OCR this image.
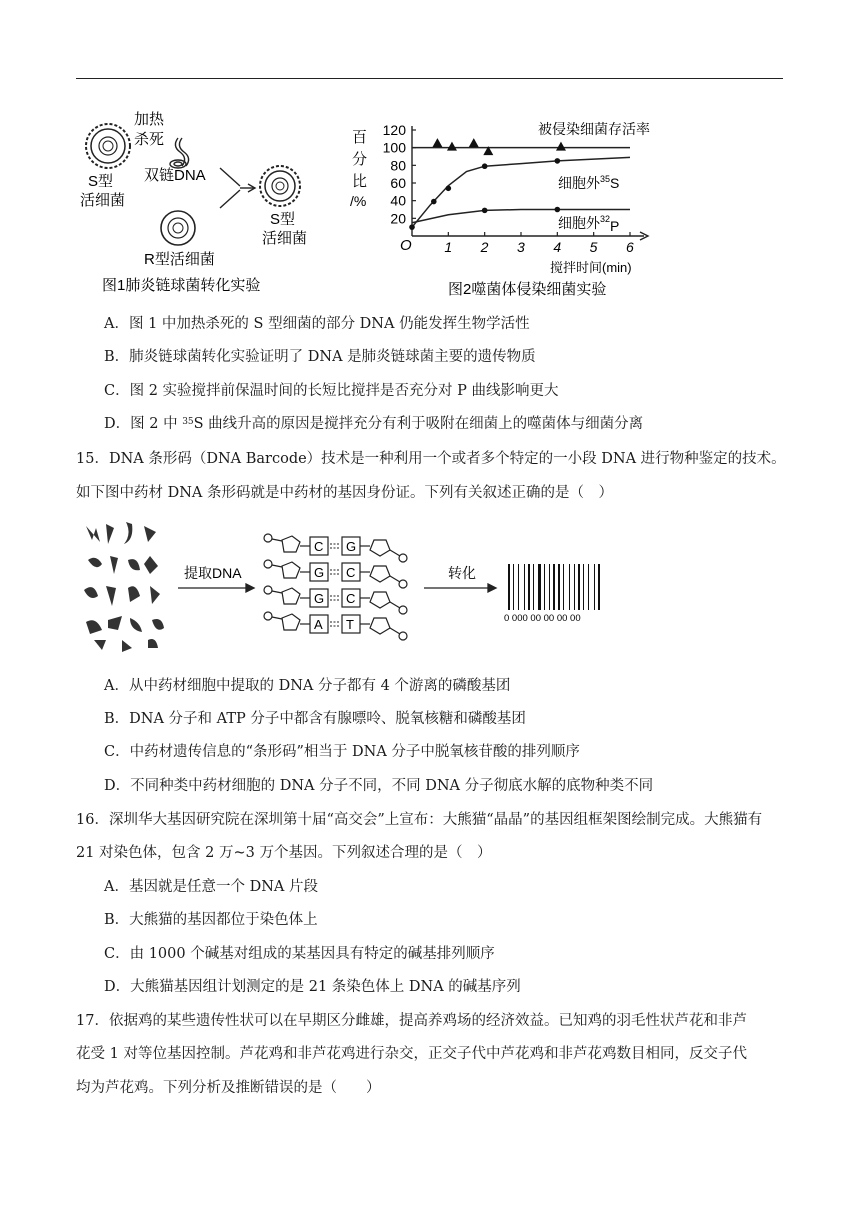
加热
杀死
S型
活细菌
双链DNA
S型
活细菌
R型活细菌
图1肺炎链球菌转化实验
百
分
比
/%
1 2 3 4 5 6
20
40
60
80
100
120
O
搅拌时间(min)
被侵染细菌存活率
细胞外$^{35}$S
细胞外$^{32}$P
图2噬菌体侵染细菌实验
A．图 1 中加热杀死的 S 型细菌的部分 DNA 仍能发挥生物学活性
B．肺炎链球菌转化实验证明了 DNA 是肺炎链球菌主要的遗传物质
C．图 2 实验搅拌前保温时间的长短比搅拌是否充分对 P 曲线影响更大
D．图 2 中 $^{35}$S 曲线升高的原因是搅拌充分有利于吸附在细菌上的噬菌体与细菌分离
15．DNA 条形码（DNA Barcode）技术是一种利用一个或者多个特定的一小段 DNA 进行物种鉴定的技术。
如下图中药材 DNA 条形码就是中药材的基因身份证。下列有关叙述正确的是（　）
提取DNA
C G
G C
G C
A T
转化
0 000 00 00 00 00
A．从中药材细胞中提取的 DNA 分子都有 4 个游离的磷酸基团
B．DNA 分子和 ATP 分子中都含有腺嘌呤、脱氧核糖和磷酸基团
C．中药材遗传信息的“条形码”相当于 DNA 分子中脱氧核苷酸的排列顺序
D．不同种类中药材细胞的 DNA 分子不同，不同 DNA 分子彻底水解的底物种类不同
16．深圳华大基因研究院在深圳第十届“高交会”上宣布：大熊猫“晶晶”的基因组框架图绘制完成。大熊猫有
21 对染色体，包含 2 万~3 万个基因。下列叙述合理的是（　）
A．基因就是任意一个 DNA 片段
B．大熊猫的基因都位于染色体上
C．由 1000 个碱基对组成的某基因具有特定的碱基排列顺序
D．大熊猫基因组计划测定的是 21 条染色体上 DNA 的碱基序列
17．依据鸡的某些遗传性状可以在早期区分雌雄，提高养鸡场的经济效益。已知鸡的羽毛性状芦花和非芦
花受 1 对等位基因控制。芦花鸡和非芦花鸡进行杂交，正交子代中芦花鸡和非芦花鸡数目相同，反交子代
均为芦花鸡。下列分析及推断错误的是（　　）
